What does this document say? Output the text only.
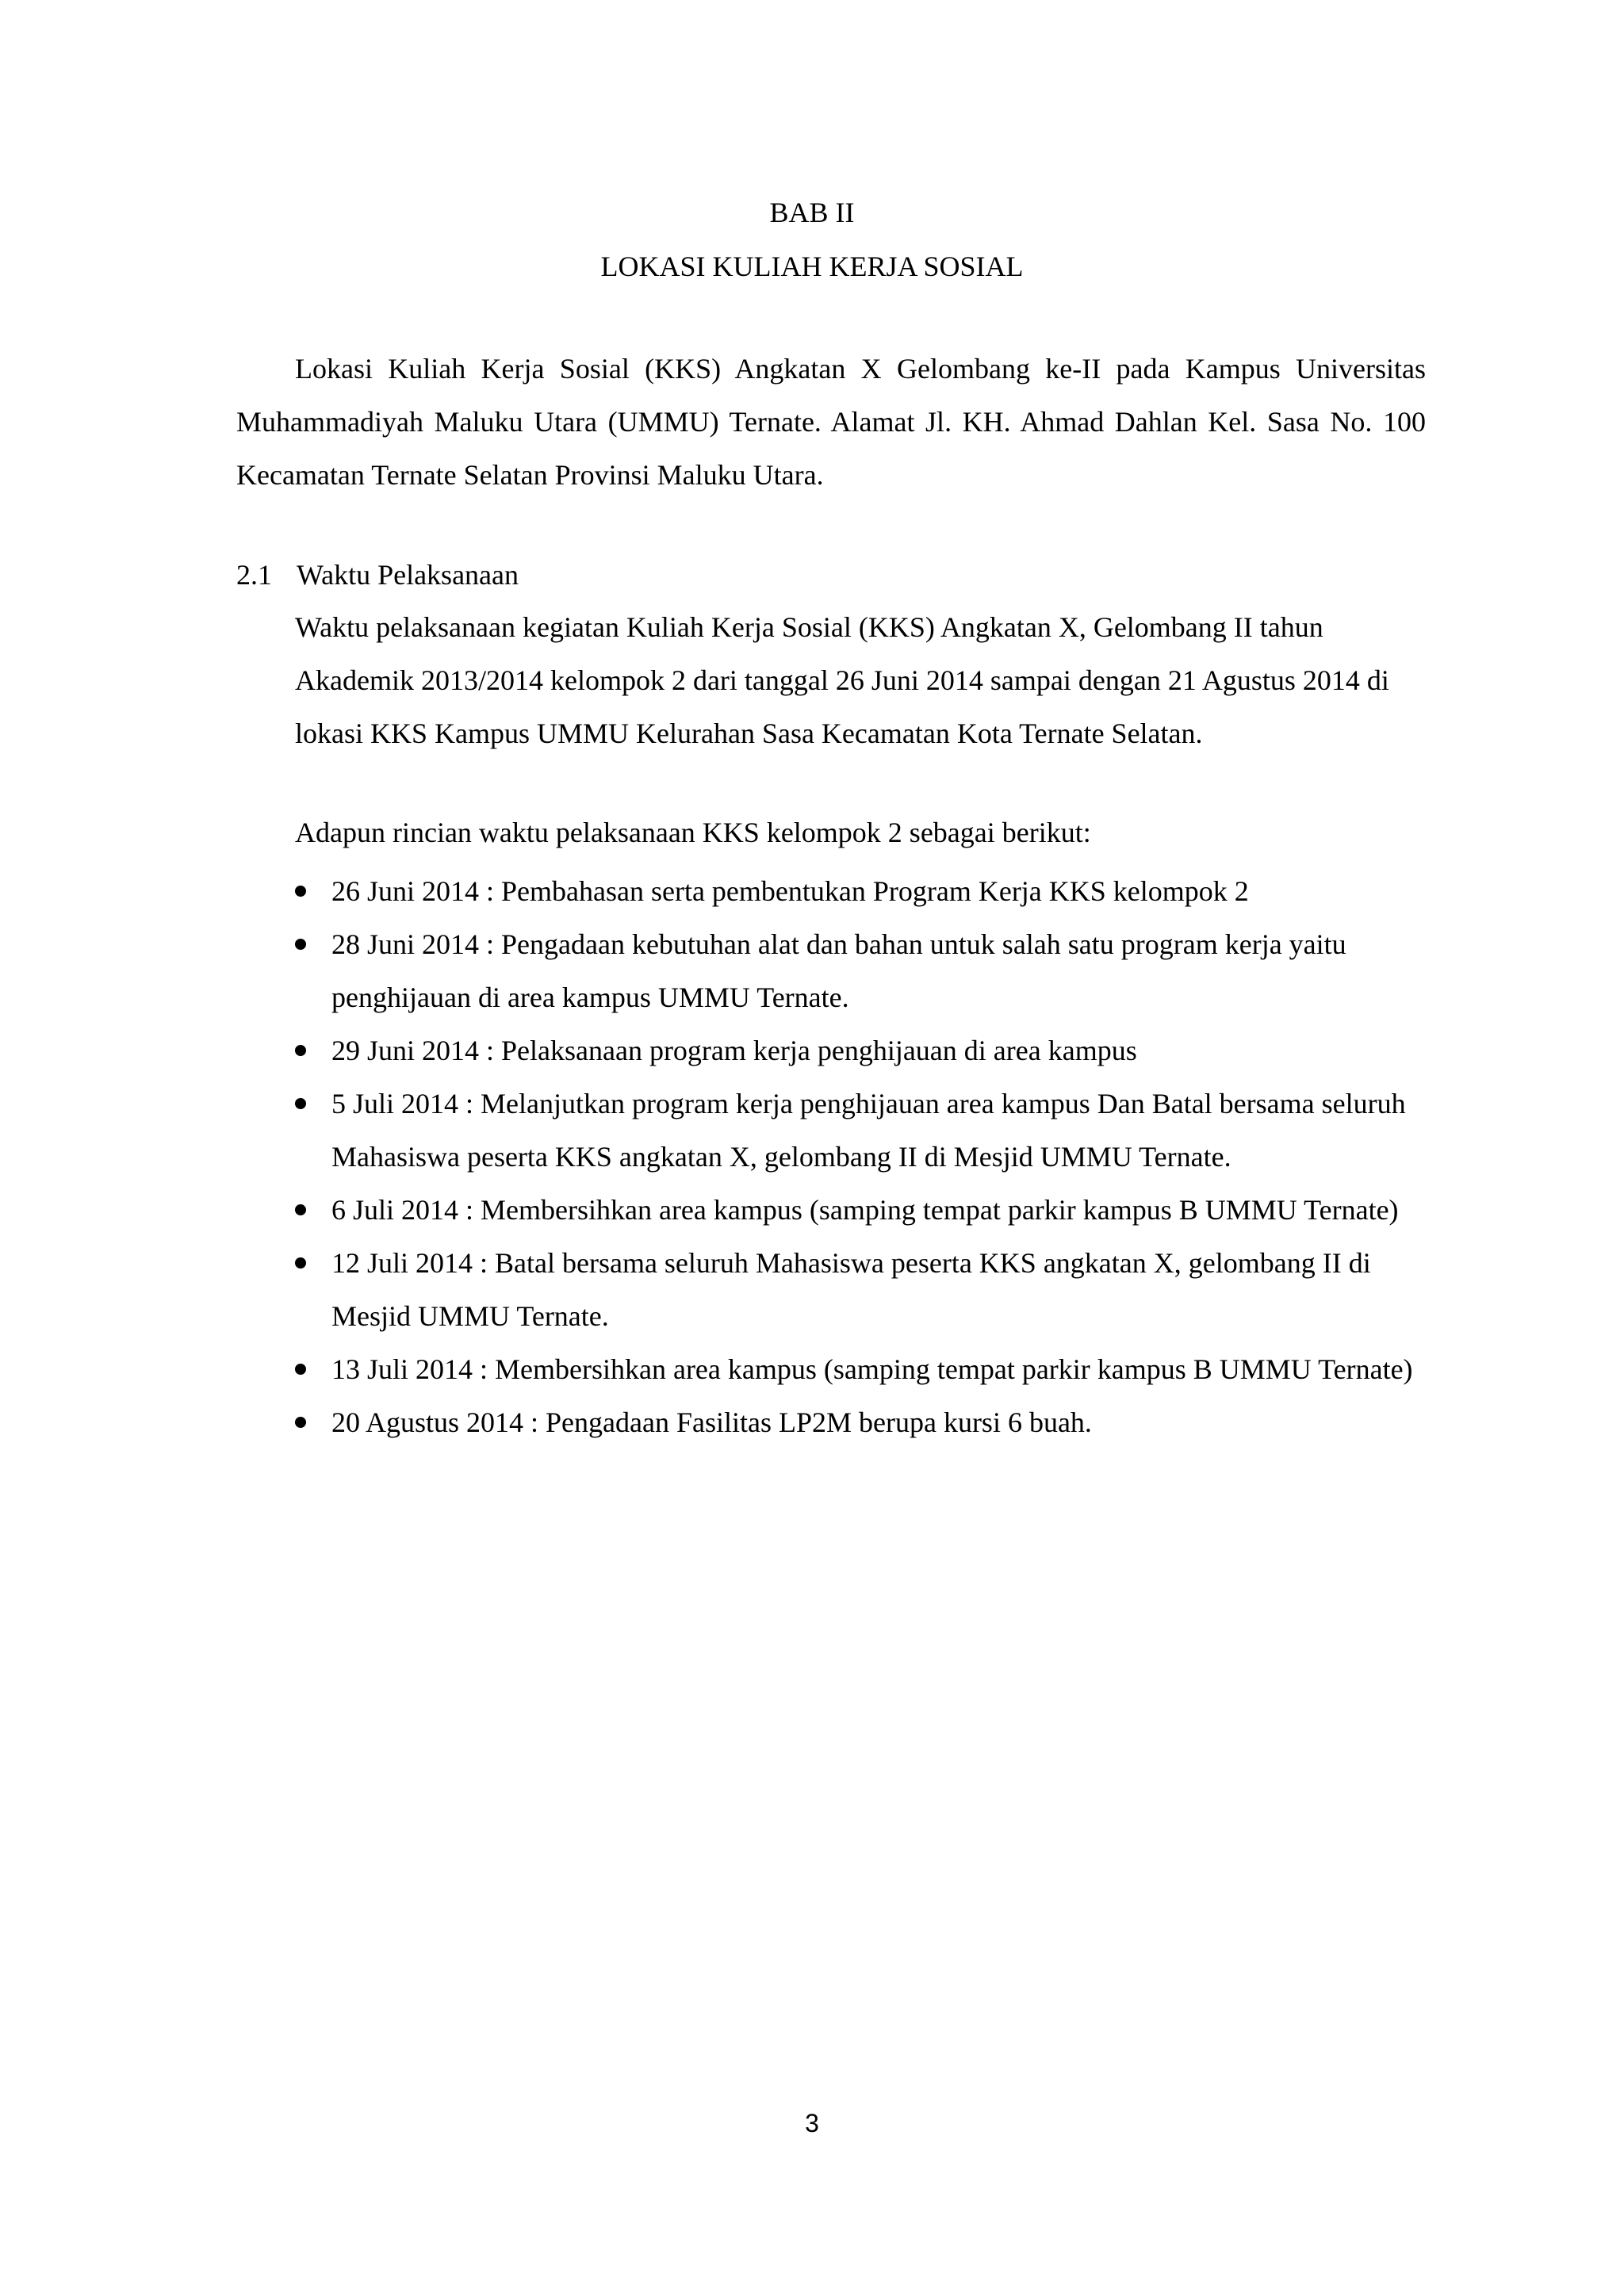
BAB II
LOKASI KULIAH KERJA SOSIAL

Lokasi Kuliah Kerja Sosial (KKS) Angkatan X Gelombang ke-II pada Kampus Universitas Muhammadiyah Maluku Utara (UMMU) Ternate. Alamat Jl. KH. Ahmad Dahlan Kel. Sasa No. 100 Kecamatan Ternate Selatan Provinsi Maluku Utara.

2.1 Waktu Pelaksanaan

Waktu pelaksanaan kegiatan Kuliah Kerja Sosial (KKS) Angkatan X, Gelombang II tahun Akademik 2013/2014 kelompok 2 dari tanggal 26 Juni 2014 sampai dengan 21 Agustus 2014 di lokasi KKS Kampus UMMU Kelurahan Sasa Kecamatan Kota Ternate Selatan.

Adapun rincian waktu pelaksanaan KKS kelompok 2 sebagai berikut:

26 Juni 2014 : Pembahasan serta pembentukan Program Kerja KKS kelompok 2
28 Juni 2014 : Pengadaan kebutuhan alat dan bahan untuk salah satu program kerja yaitu penghijauan di area kampus UMMU Ternate.
29 Juni 2014 : Pelaksanaan program kerja penghijauan di area kampus
5 Juli 2014 : Melanjutkan program kerja penghijauan area kampus Dan Batal bersama seluruh Mahasiswa peserta KKS angkatan X, gelombang II di Mesjid UMMU Ternate.
6 Juli 2014 : Membersihkan area kampus (samping tempat parkir kampus B UMMU Ternate)
12 Juli 2014 : Batal bersama seluruh Mahasiswa peserta KKS angkatan X, gelombang II di Mesjid UMMU Ternate.
13 Juli 2014 : Membersihkan area kampus (samping tempat parkir kampus B UMMU Ternate)
20 Agustus 2014 : Pengadaan Fasilitas LP2M berupa kursi 6 buah.
3
